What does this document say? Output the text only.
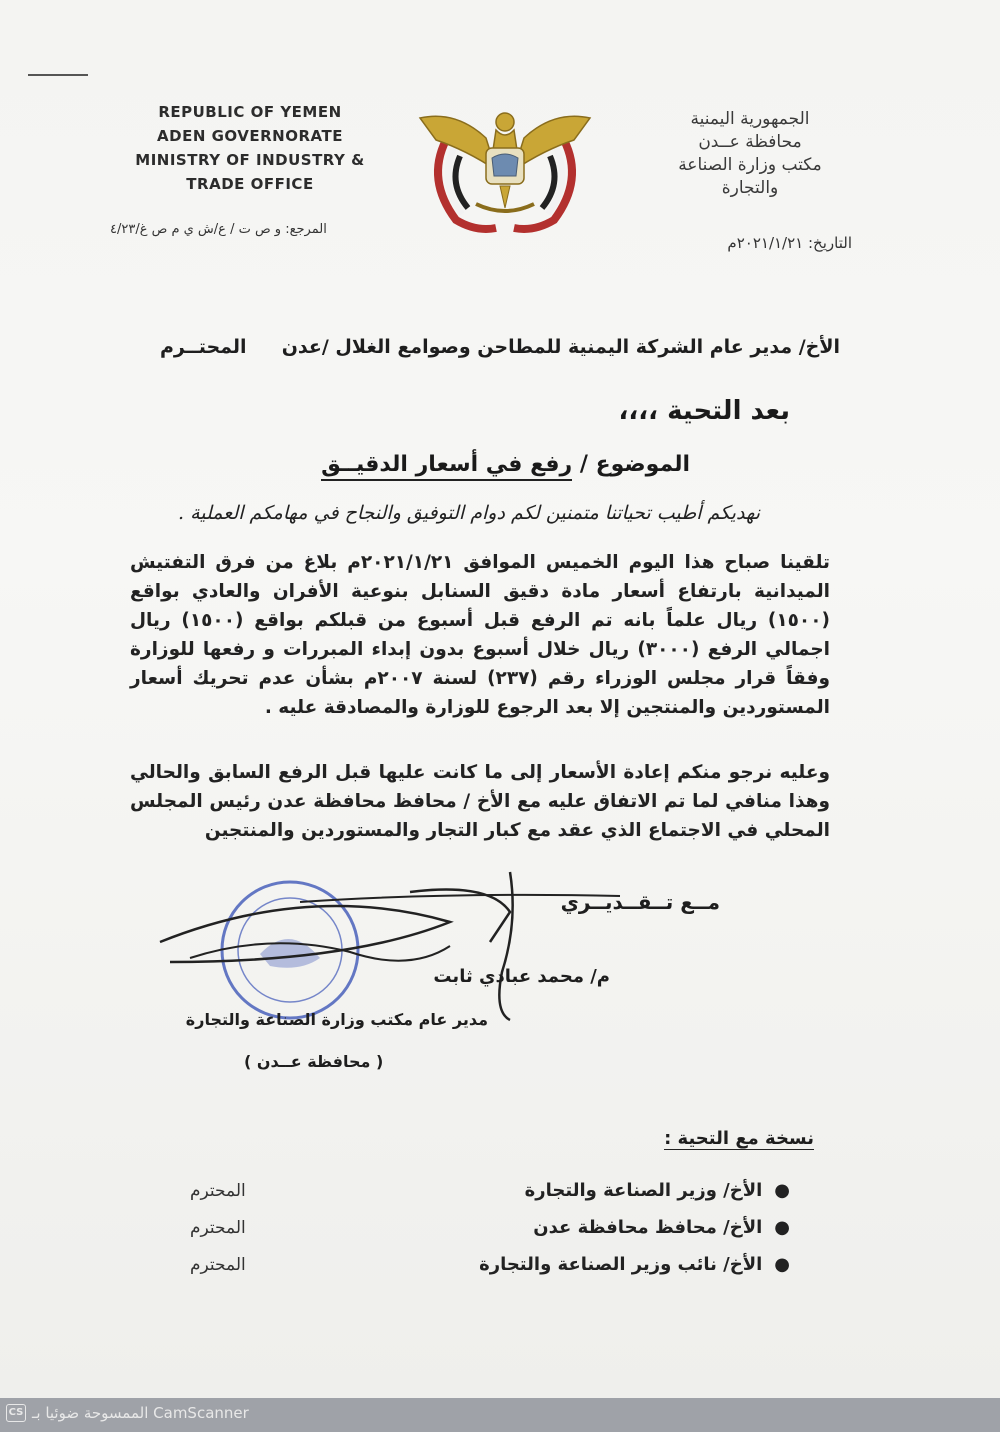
REPUBLIC OF YEMEN
ADEN GOVERNORATE
MINISTRY OF INDUSTRY &
TRADE OFFICE
الجمهورية اليمنية
محافظة عــدن
مكتب وزارة الصناعة
والتجارة
المرجع: و ص ت / ع/ش ي م ص غ/٤/٢٣
التاريخ: ٢٠٢١/١/٢١م
الأخ/ مدير عام الشركة اليمنية للمطاحن وصوامع الغلال /عدن
المحتــرم
بعد التحية ،،،،
الموضوع / رفع في أسعار الدقيــق
نهديكم أطيب تحياتنا متمنين لكم دوام التوفيق والنجاح في مهامكم العملية .
تلقينا صباح هذا اليوم الخميس الموافق ٢٠٢١/١/٢١م بلاغ من فرق التفتيش الميدانية بارتفاع أسعار مادة دقيق السنابل بنوعية الأفران والعادي بواقع (١٥٠٠) ريال علماً بانه تم الرفع قبل أسبوع من قبلكم بواقع (١٥٠٠) ريال اجمالي الرفع (٣٠٠٠) ريال خلال أسبوع بدون إبداء المبررات و رفعها للوزارة وفقاً قرار مجلس الوزراء رقم (٢٣٧) لسنة ٢٠٠٧م بشأن عدم تحريك أسعار المستوردين والمنتجين إلا بعد الرجوع للوزارة والمصادقة عليه .
وعليه نرجو منكم إعادة الأسعار إلى ما كانت عليها قبل الرفع السابق والحالي وهذا منافي لما تم الاتفاق عليه مع الأخ / محافظ محافظة عدن رئيس المجلس المحلي في الاجتماع الذي عقد مع كبار التجار والمستوردين والمنتجين
مــع تــقــديــري
م/ محمد عبادي ثابت
مدير عام مكتب وزارة الصناعة والتجارة
( محافظة عــدن )
نسخة مع التحية :
●الأخ/ وزير الصناعة والتجارة
المحترم
●الأخ/ محافظ محافظة عدن
المحترم
●الأخ/ نائب وزير الصناعة والتجارة
المحترم
CS الممسوحة ضوئيا بـ CamScanner
